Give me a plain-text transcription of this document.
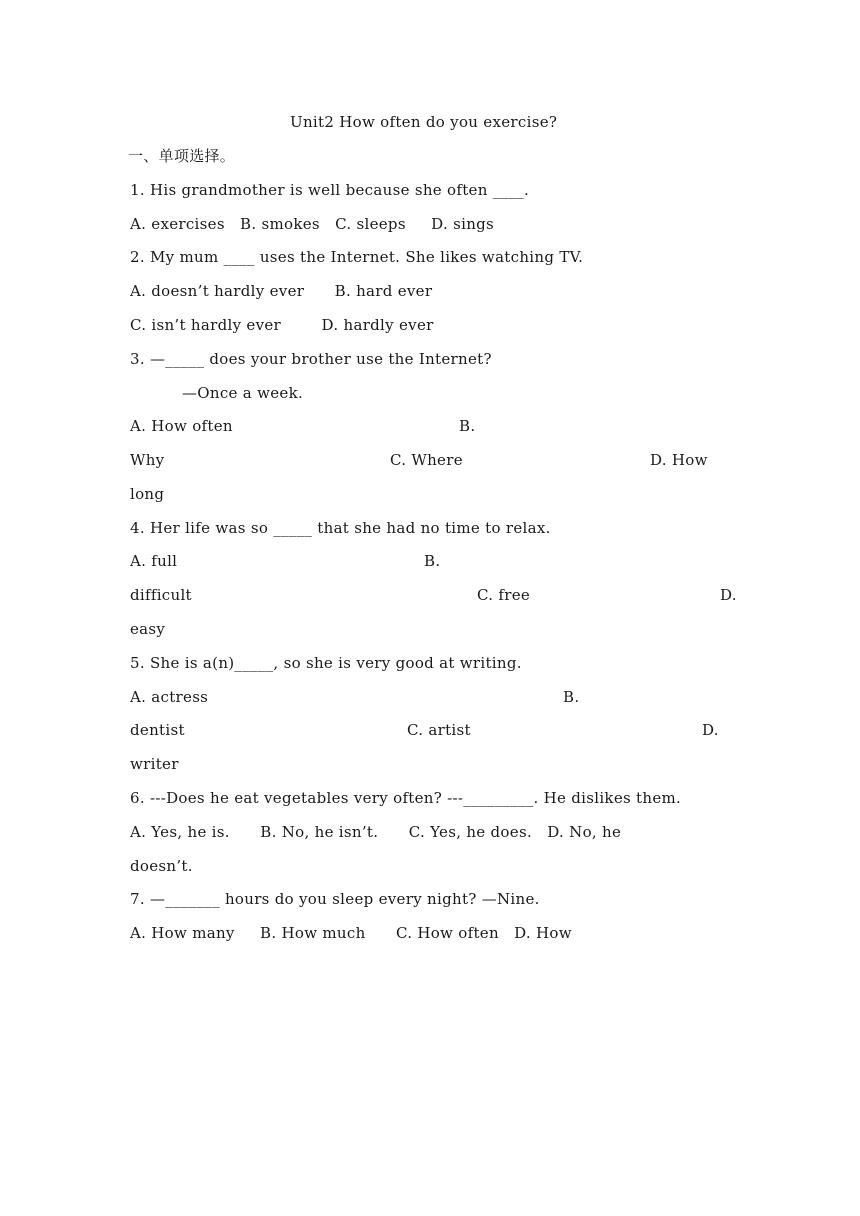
Unit2 How often do you exercise?
一、单项选择。
1. His grandmother is well because she often ____.
A. exercises   B. smokes   C. sleeps     D. sings
2. My mum ____ uses the Internet. She likes watching TV.
A. doesn’t hardly ever      B. hard ever
C. isn’t hardly ever        D. hardly ever
3. —_____ does your brother use the Internet?
—Once a week.
A. How often	B.
Why	C. Where	D. How
long
4. Her life was so _____ that she had no time to relax.
A. full	B.
difficult	C. free	D.
easy
5. She is a(n)_____, so she is very good at writing.
A. actress	B.
dentist	C. artist	D.
writer
6. ---Does he eat vegetables very often? ---_________. He dislikes them.
A. Yes, he is.      B. No, he isn’t.      C. Yes, he does.   D. No, he
doesn’t.
7. —_______ hours do you sleep every night? —Nine.
A. How many     B. How much      C. How often   D. How
